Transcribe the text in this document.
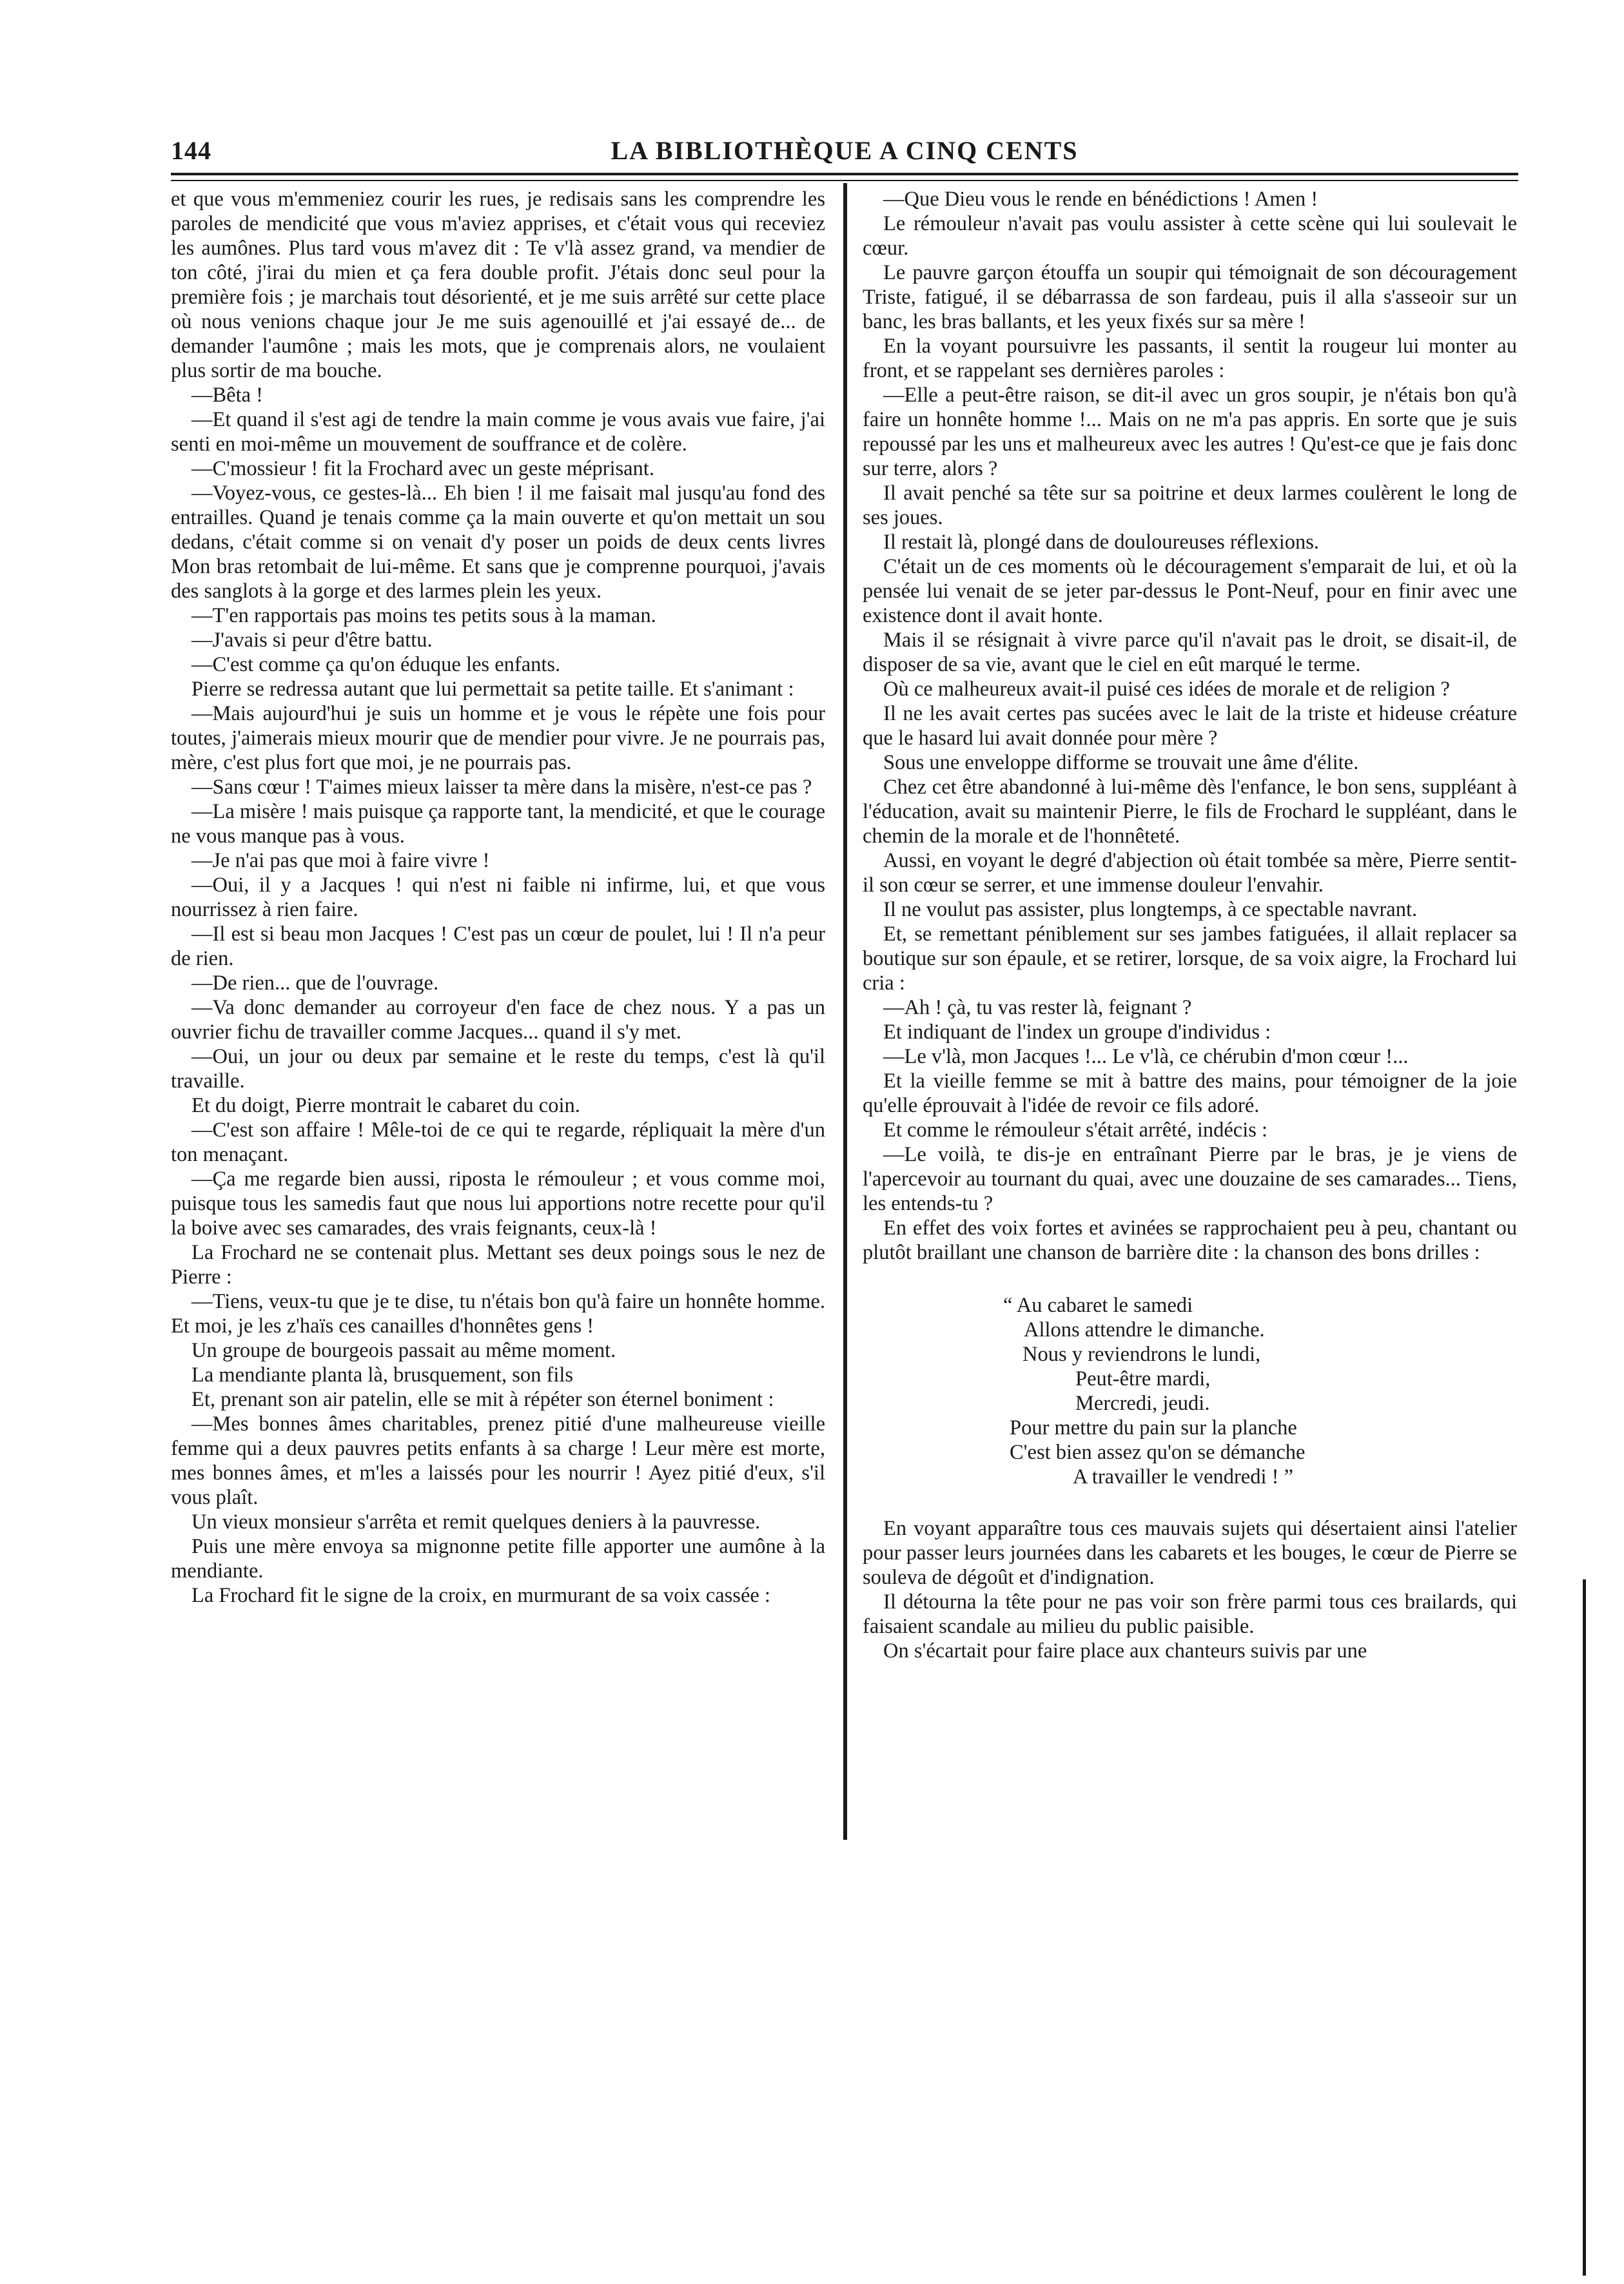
144	LA BIBLIOTHÈQUE A CINQ CENTS

et que vous m'emmeniez courir les rues, je redisais sans les comprendre les paroles de mendicité que vous m'aviez apprises, et c'était vous qui receviez les aumônes. Plus tard vous m'avez dit : Te v'là assez grand, va mendier de ton côté, j'irai du mien et ça fera double profit. J'étais donc seul pour la première fois ; je marchais tout désorienté, et je me suis arrêté sur cette place où nous venions chaque jour Je me suis agenouillé et j'ai essayé de... de demander l'aumône ; mais les mots, que je comprenais alors, ne voulaient plus sortir de ma bouche.

—Bêta !

—Et quand il s'est agi de tendre la main comme je vous avais vue faire, j'ai senti en moi-même un mouvement de souffrance et de colère.

—C'mossieur ! fit la Frochard avec un geste méprisant.

—Voyez-vous, ce gestes-là... Eh bien ! il me faisait mal jusqu'au fond des entrailles. Quand je tenais comme ça la main ouverte et qu'on mettait un sou dedans, c'était comme si on venait d'y poser un poids de deux cents livres Mon bras retombait de lui-même. Et sans que je comprenne pourquoi, j'avais des sanglots à la gorge et des larmes plein les yeux.

—T'en rapportais pas moins tes petits sous à la maman.

—J'avais si peur d'être battu.

—C'est comme ça qu'on éduque les enfants.

Pierre se redressa autant que lui permettait sa petite taille. Et s'animant :

—Mais aujourd'hui je suis un homme et je vous le répète une fois pour toutes, j'aimerais mieux mourir que de mendier pour vivre. Je ne pourrais pas, mère, c'est plus fort que moi, je ne pourrais pas.

—Sans cœur ! T'aimes mieux laisser ta mère dans la misère, n'est-ce pas ?

—La misère ! mais puisque ça rapporte tant, la mendicité, et que le courage ne vous manque pas à vous.

—Je n'ai pas que moi à faire vivre !

—Oui, il y a Jacques ! qui n'est ni faible ni infirme, lui, et que vous nourrissez à rien faire.

—Il est si beau mon Jacques ! C'est pas un cœur de poulet, lui ! Il n'a peur de rien.

—De rien... que de l'ouvrage.

—Va donc demander au corroyeur d'en face de chez nous. Y a pas un ouvrier fichu de travailler comme Jacques... quand il s'y met.

—Oui, un jour ou deux par semaine et le reste du temps, c'est là qu'il travaille.

Et du doigt, Pierre montrait le cabaret du coin.

—C'est son affaire ! Mêle-toi de ce qui te regarde, répliquait la mère d'un ton menaçant.

—Ça me regarde bien aussi, riposta le rémouleur ; et vous comme moi, puisque tous les samedis faut que nous lui apportions notre recette pour qu'il la boive avec ses camarades, des vrais feignants, ceux-là !

La Frochard ne se contenait plus. Mettant ses deux poings sous le nez de Pierre :

—Tiens, veux-tu que je te dise, tu n'étais bon qu'à faire un honnête homme. Et moi, je les z'haïs ces canailles d'honnêtes gens !

Un groupe de bourgeois passait au même moment.

La mendiante planta là, brusquement, son fils

Et, prenant son air patelin, elle se mit à répéter son éternel boniment :

—Mes bonnes âmes charitables, prenez pitié d'une malheureuse vieille femme qui a deux pauvres petits enfants à sa charge ! Leur mère est morte, mes bonnes âmes, et m'les a laissés pour les nourrir ! Ayez pitié d'eux, s'il vous plaît.

Un vieux monsieur s'arrêta et remit quelques deniers à la pauvresse.

Puis une mère envoya sa mignonne petite fille apporter une aumône à la mendiante.

La Frochard fit le signe de la croix, en murmurant de sa voix cassée :

—Que Dieu vous le rende en bénédictions ! Amen !

Le rémouleur n'avait pas voulu assister à cette scène qui lui soulevait le cœur.

Le pauvre garçon étouffa un soupir qui témoignait de son découragement Triste, fatigué, il se débarrassa de son fardeau, puis il alla s'asseoir sur un banc, les bras ballants, et les yeux fixés sur sa mère !

En la voyant poursuivre les passants, il sentit la rougeur lui monter au front, et se rappelant ses dernières paroles :

—Elle a peut-être raison, se dit-il avec un gros soupir, je n'étais bon qu'à faire un honnête homme !... Mais on ne m'a pas appris. En sorte que je suis repoussé par les uns et malheureux avec les autres ! Qu'est-ce que je fais donc sur terre, alors ?

Il avait penché sa tête sur sa poitrine et deux larmes coulèrent le long de ses joues.

Il restait là, plongé dans de douloureuses réflexions.

C'était un de ces moments où le découragement s'emparait de lui, et où la pensée lui venait de se jeter par-dessus le Pont-Neuf, pour en finir avec une existence dont il avait honte.

Mais il se résignait à vivre parce qu'il n'avait pas le droit, se disait-il, de disposer de sa vie, avant que le ciel en eût marqué le terme.

Où ce malheureux avait-il puisé ces idées de morale et de religion ?

Il ne les avait certes pas sucées avec le lait de la triste et hideuse créature que le hasard lui avait donnée pour mère ?

Sous une enveloppe difforme se trouvait une âme d'élite.

Chez cet être abandonné à lui-même dès l'enfance, le bon sens, suppléant à l'éducation, avait su maintenir Pierre, le fils de Frochard le suppléant, dans le chemin de la morale et de l'honnêteté.

Aussi, en voyant le degré d'abjection où était tombée sa mère, Pierre sentit-il son cœur se serrer, et une immense douleur l'envahir.

Il ne voulut pas assister, plus longtemps, à ce spectable navrant.

Et, se remettant péniblement sur ses jambes fatiguées, il allait replacer sa boutique sur son épaule, et se retirer, lorsque, de sa voix aigre, la Frochard lui cria :

—Ah ! çà, tu vas rester là, feignant ?

Et indiquant de l'index un groupe d'individus :

—Le v'là, mon Jacques !... Le v'là, ce chérubin d'mon cœur !...

Et la vieille femme se mit à battre des mains, pour témoigner de la joie qu'elle éprouvait à l'idée de revoir ce fils adoré.

Et comme le rémouleur s'était arrêté, indécis :

—Le voilà, te dis-je en entraînant Pierre par le bras, je je viens de l'apercevoir au tournant du quai, avec une douzaine de ses camarades... Tiens, les entends-tu ?

En effet des voix fortes et avinées se rapprochaient peu à peu, chantant ou plutôt braillant une chanson de barrière dite : la chanson des bons drilles :

“ Au cabaret le samedi
Allons attendre le dimanche.
Nous y reviendrons le lundi,
Peut-être mardi,
Mercredi, jeudi.
Pour mettre du pain sur la planche
C'est bien assez qu'on se démanche
A travailler le vendredi ! ”

En voyant apparaître tous ces mauvais sujets qui désertaient ainsi l'atelier pour passer leurs journées dans les cabarets et les bouges, le cœur de Pierre se souleva de dégoût et d'indignation.

Il détourna la tête pour ne pas voir son frère parmi tous ces brailards, qui faisaient scandale au milieu du public paisible.

On s'écartait pour faire place aux chanteurs suivis par une
